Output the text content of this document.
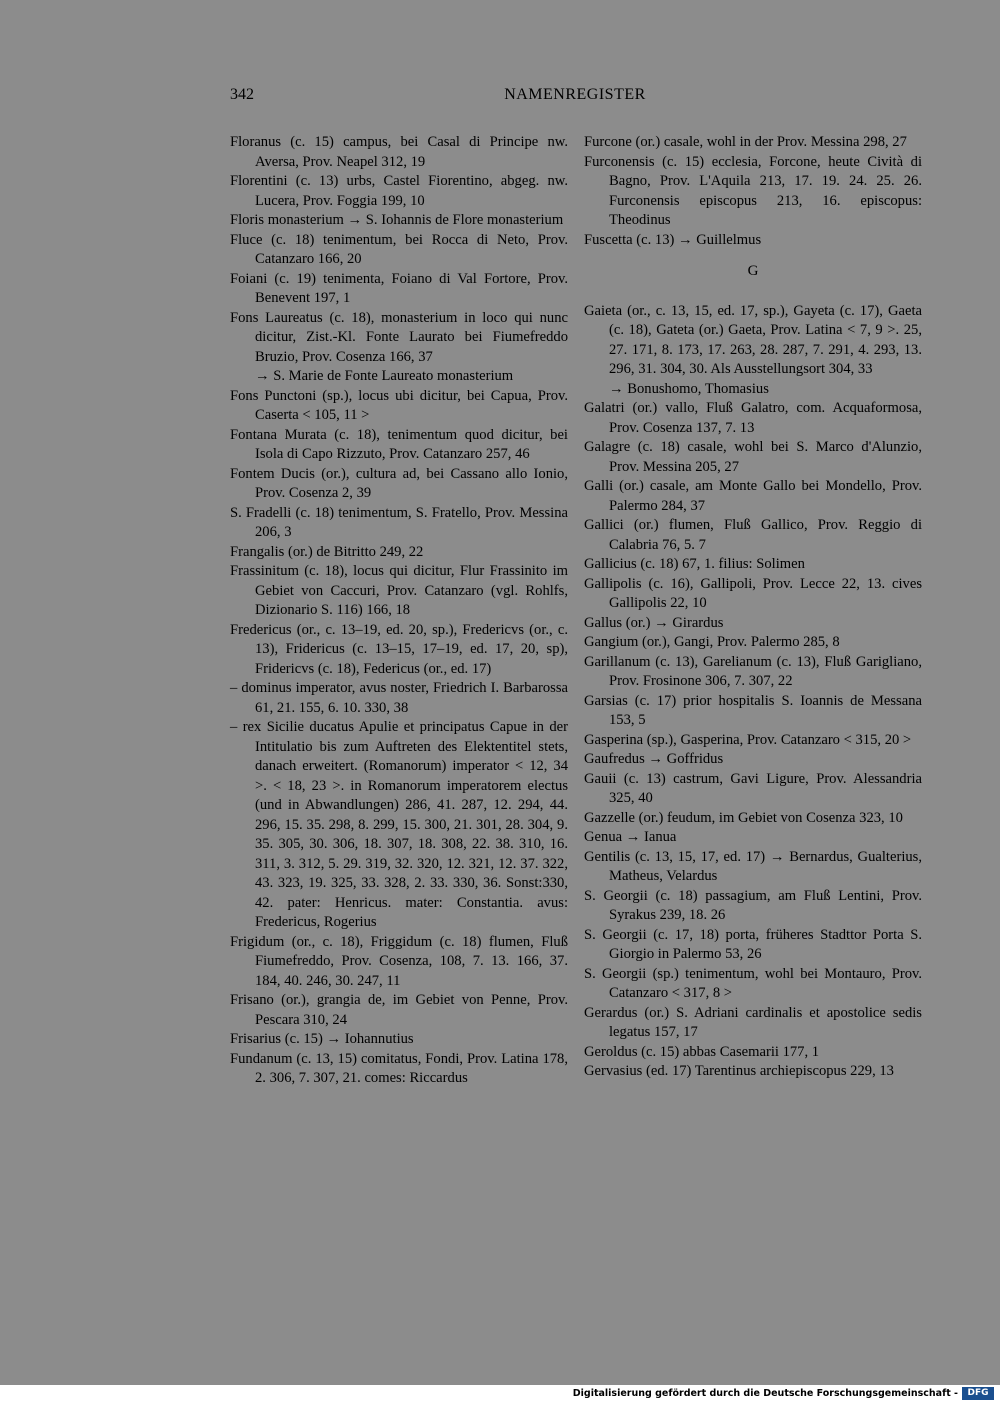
342	NAMENREGISTER

Floranus (c. 15) campus, bei Casal di Principe nw. Aversa, Prov. Neapel 312, 19

Florentini (c. 13) urbs, Castel Fiorentino, abgeg. nw. Lucera, Prov. Foggia 199, 10

Floris monasterium → S. Iohannis de Flore monasterium

Fluce (c. 18) tenimentum, bei Rocca di Neto, Prov. Catanzaro 166, 20

Foiani (c. 19) tenimenta, Foiano di Val Fortore, Prov. Benevent 197, 1

Fons Laureatus (c. 18), monasterium in loco qui nunc dicitur, Zist.-Kl. Fonte Laurato bei Fiumefreddo Bruzio, Prov. Cosenza 166, 37

→ S. Marie de Fonte Laureato monasterium

Fons Punctoni (sp.), locus ubi dicitur, bei Capua, Prov. Caserta < 105, 11 >

Fontana Murata (c. 18), tenimentum quod dicitur, bei Isola di Capo Rizzuto, Prov. Catanzaro 257, 46

Fontem Ducis (or.), cultura ad, bei Cassano allo Ionio, Prov. Cosenza 2, 39

S. Fradelli (c. 18) tenimentum, S. Fratello, Prov. Messina 206, 3

Frangalis (or.) de Bitritto 249, 22

Frassinitum (c. 18), locus qui dicitur, Flur Frassinito im Gebiet von Caccuri, Prov. Catanzaro (vgl. Rohlfs, Dizionario S. 116) 166, 18

Fredericus (or., c. 13–19, ed. 20, sp.), Fredericvs (or., c. 13), Fridericus (c. 13–15, 17–19, ed. 17, 20, sp), Fridericvs (c. 18), Federicus (or., ed. 17)

– dominus imperator, avus noster, Friedrich I. Barbarossa 61, 21. 155, 6. 10. 330, 38

– rex Sicilie ducatus Apulie et principatus Capue in der Intitulatio bis zum Auftreten des Elektentitel stets, danach erweitert. (Romanorum) imperator < 12, 34 >. < 18, 23 >. in Romanorum imperatorem electus (und in Abwandlungen) 286, 41. 287, 12. 294, 44. 296, 15. 35. 298, 8. 299, 15. 300, 21. 301, 28. 304, 9. 35. 305, 30. 306, 18. 307, 18. 308, 22. 38. 310, 16. 311, 3. 312, 5. 29. 319, 32. 320, 12. 321, 12. 37. 322, 43. 323, 19. 325, 33. 328, 2. 33. 330, 36. Sonst:330, 42. pater: Henricus. mater: Constantia. avus: Fredericus, Rogerius

Frigidum (or., c. 18), Friggidum (c. 18) flumen, Fluß Fiumefreddo, Prov. Cosenza, 108, 7. 13. 166, 37. 184, 40. 246, 30. 247, 11

Frisano (or.), grangia de, im Gebiet von Penne, Prov. Pescara 310, 24

Frisarius (c. 15) → Iohannutius

Fundanum (c. 13, 15) comitatus, Fondi, Prov. Latina 178, 2. 306, 7. 307, 21. comes: Riccardus

Furcone (or.) casale, wohl in der Prov. Messina 298, 27

Furconensis (c. 15) ecclesia, Forcone, heute Cività di Bagno, Prov. L'Aquila 213, 17. 19. 24. 25. 26. Furconensis episcopus 213, 16. episcopus: Theodinus

Fuscetta (c. 13) → Guillelmus

G

Gaieta (or., c. 13, 15, ed. 17, sp.), Gayeta (c. 17), Gaeta (c. 18), Gateta (or.) Gaeta, Prov. Latina < 7, 9 >. 25, 27. 171, 8. 173, 17. 263, 28. 287, 7. 291, 4. 293, 13. 296, 31. 304, 30. Als Ausstellungsort 304, 33

→ Bonushomo, Thomasius

Galatri (or.) vallo, Fluß Galatro, com. Acquaformosa, Prov. Cosenza 137, 7. 13

Galagre (c. 18) casale, wohl bei S. Marco d'Alunzio, Prov. Messina 205, 27

Galli (or.) casale, am Monte Gallo bei Mondello, Prov. Palermo 284, 37

Gallici (or.) flumen, Fluß Gallico, Prov. Reggio di Calabria 76, 5. 7

Gallicius (c. 18) 67, 1. filius: Solimen

Gallipolis (c. 16), Gallipoli, Prov. Lecce 22, 13. cives Gallipolis 22, 10

Gallus (or.) → Girardus

Gangium (or.), Gangi, Prov. Palermo 285, 8

Garillanum (c. 13), Garelianum (c. 13), Fluß Garigliano, Prov. Frosinone 306, 7. 307, 22

Garsias (c. 17) prior hospitalis S. Ioannis de Messana 153, 5

Gasperina (sp.), Gasperina, Prov. Catanzaro < 315, 20 >

Gaufredus → Goffridus

Gauii (c. 13) castrum, Gavi Ligure, Prov. Alessandria 325, 40

Gazzelle (or.) feudum, im Gebiet von Cosenza 323, 10

Genua → Ianua

Gentilis (c. 13, 15, 17, ed. 17) → Bernardus, Gualterius, Matheus, Velardus

S. Georgii (c. 18) passagium, am Fluß Lentini, Prov. Syrakus 239, 18. 26

S. Georgii (c. 17, 18) porta, früheres Stadttor Porta S. Giorgio in Palermo 53, 26

S. Georgii (sp.) tenimentum, wohl bei Montauro, Prov. Catanzaro < 317, 8 >

Gerardus (or.) S. Adriani cardinalis et apostolice sedis legatus 157, 17

Geroldus (c. 15) abbas Casemarii 177, 1

Gervasius (ed. 17) Tarentinus archiepiscopus 229, 13

Digitalisierung gefördert durch die Deutsche Forschungsgemeinschaft -	DFG
